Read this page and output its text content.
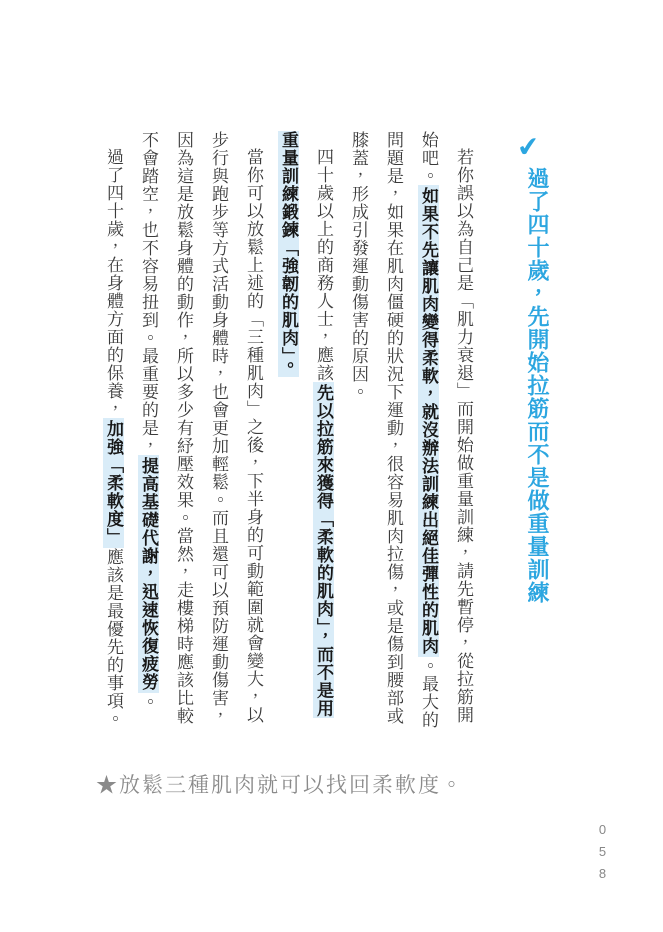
✔
過了四十歲，先開始拉筋而不是做重量訓練

若你誤以為自己是「肌力衰退」而開始做重量訓練，請先暫停，從拉筋開始吧。如果不先讓肌肉變得柔軟，就沒辦法訓練出絕佳彈性的肌肉。最大的問題是，如果在肌肉僵硬的狀況下運動，很容易肌肉拉傷，或是傷到腰部或膝蓋，形成引發運動傷害的原因。

四十歲以上的商務人士，應該先以拉筋來獲得「柔軟的肌肉」，而不是用重量訓練鍛鍊「強韌的肌肉」。

當你可以放鬆上述的「三種肌肉」之後，下半身的可動範圍就會變大，以步行與跑步等方式活動身體時，也會更加輕鬆。而且還可以預防運動傷害，因為這是放鬆身體的動作，所以多少有紓壓效果。當然，走樓梯時應該比較不會踏空，也不容易扭到。最重要的是，提高基礎代謝，迅速恢復疲勞。

過了四十歲，在身體方面的保養，加強「柔軟度」應該是最優先的事項。

★放鬆三種肌肉就可以找回柔軟度。
058
